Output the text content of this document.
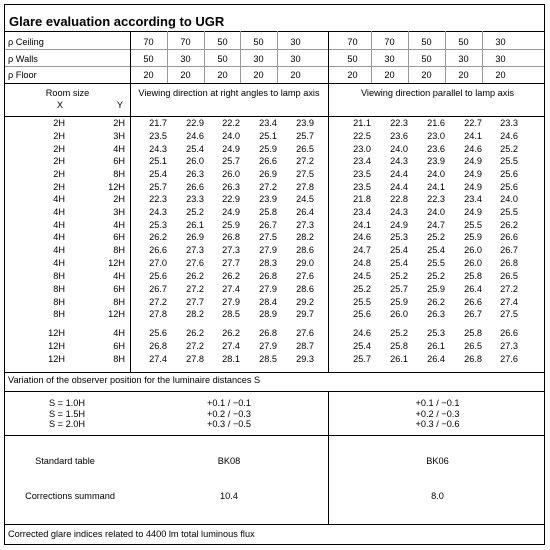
Glare evaluation according to UGR
ρ Ceiling	70	70	50	50	30	70	70	50	50	30
ρ Walls	50	30	50	30	30	50	30	50	30	30
ρ Floor	20	20	20	20	20	20	20	20	20	20
Room size
X	Y
Viewing direction at right angles to lamp axis	Viewing direction parallel to lamp axis
2H	2H	21.7	22.9	22.2	23.4	23.9	21.1	22.3	21.6	22.7	23.3
2H	3H	23.5	24.6	24.0	25.1	25.7	22.5	23.6	23.0	24.1	24.6
2H	4H	24.3	25.4	24.9	25.9	26.5	23.0	24.0	23.6	24.6	25.2
2H	6H	25.1	26.0	25.7	26.6	27.2	23.4	24.3	23.9	24.9	25.5
2H	8H	25.4	26.3	26.0	26.9	27.5	23.5	24.4	24.0	24.9	25.6
2H	12H	25.7	26.6	26.3	27.2	27.8	23.5	24.4	24.1	24.9	25.6
4H	2H	22.3	23.3	22.9	23.9	24.5	21.8	22.8	22.3	23.4	24.0
4H	3H	24.3	25.2	24.9	25.8	26.4	23.4	24.3	24.0	24.9	25.5
4H	4H	25.3	26.1	25.9	26.7	27.3	24.1	24.9	24.7	25.5	26.2
4H	6H	26.2	26.9	26.8	27.5	28.2	24.6	25.3	25.2	25.9	26.6
4H	8H	26.6	27.3	27.3	27.9	28.6	24.7	25.4	25.4	26.0	26.7
4H	12H	27.0	27.6	27.7	28.3	29.0	24.8	25.4	25.5	26.0	26.8
8H	4H	25.6	26.2	26.2	26.8	27.6	24.5	25.2	25.2	25.8	26.5
8H	6H	26.7	27.2	27.4	27.9	28.6	25.2	25.7	25.9	26.4	27.2
8H	8H	27.2	27.7	27.9	28.4	29.2	25.5	25.9	26.2	26.6	27.4
8H	12H	27.8	28.2	28.5	28.9	29.7	25.6	26.0	26.3	26.7	27.5
12H	4H	25.6	26.2	26.2	26.8	27.6	24.6	25.2	25.3	25.8	26.6
12H	6H	26.8	27.2	27.4	27.9	28.7	25.4	25.8	26.1	26.5	27.3
12H	8H	27.4	27.8	28.1	28.5	29.3	25.7	26.1	26.4	26.8	27.6
Variation of the observer position for the luminaire distances S
S = 1.0H	+0.1 / −0.1	+0.1 / −0.1
S = 1.5H	+0.2 / −0.3	+0.2 / −0.3
S = 2.0H	+0.3 / −0.5	+0.3 / −0.6
Standard table	BK08	BK06
Corrections summand	10.4	8.0
Corrected glare indices related to 4400 lm total luminous flux
